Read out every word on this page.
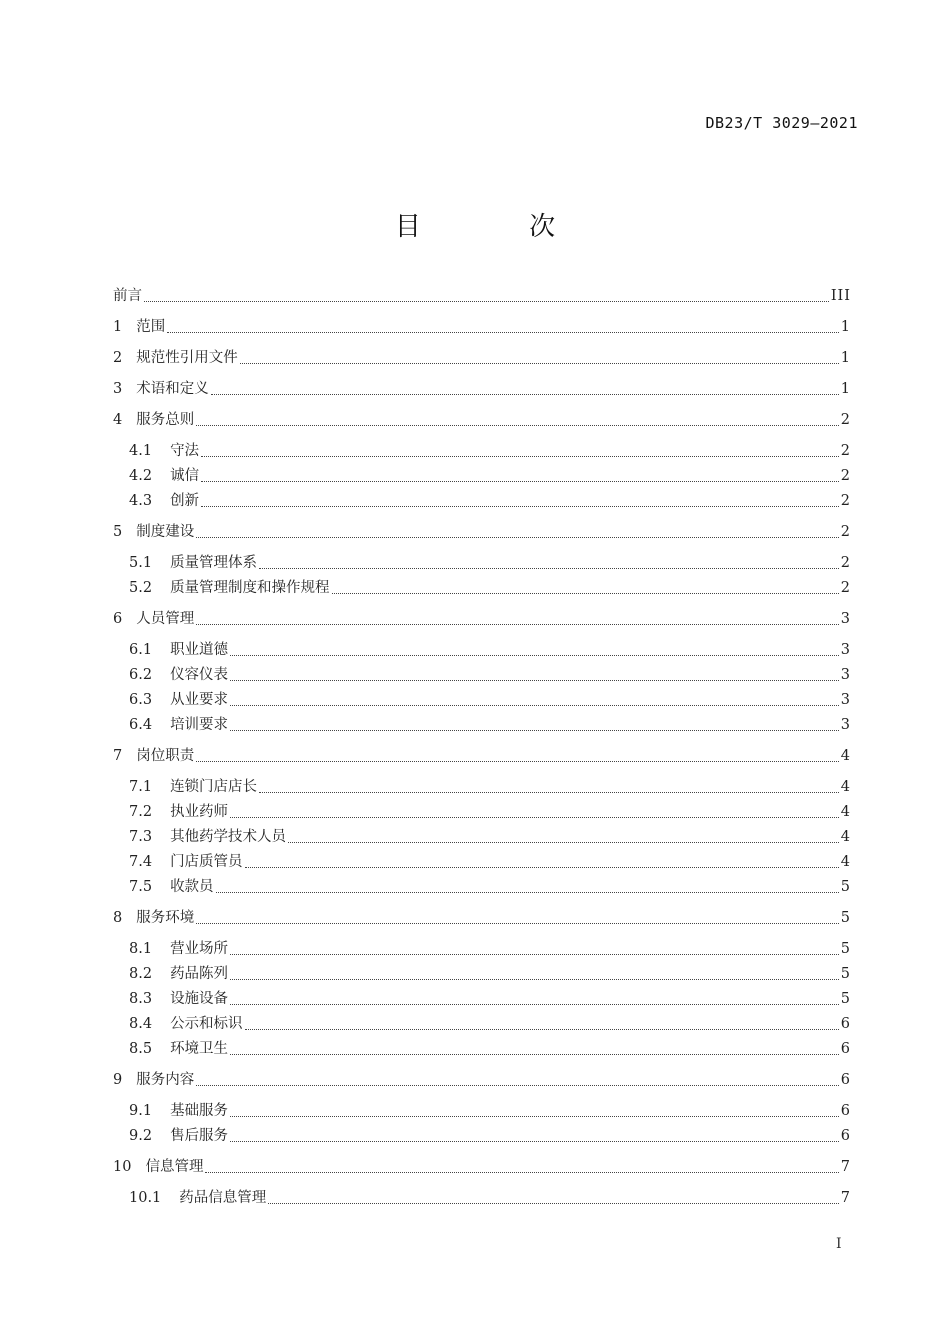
DB23/T 3029—2021
目 次
前言	III
1 范围	1
2 规范性引用文件	1
3 术语和定义	1
4 服务总则	2
4.1 守法	2
4.2 诚信	2
4.3 创新	2
5 制度建设	2
5.1 质量管理体系	2
5.2 质量管理制度和操作规程	2
6 人员管理	3
6.1 职业道德	3
6.2 仪容仪表	3
6.3 从业要求	3
6.4 培训要求	3
7 岗位职责	4
7.1 连锁门店店长	4
7.2 执业药师	4
7.3 其他药学技术人员	4
7.4 门店质管员	4
7.5 收款员	5
8 服务环境	5
8.1 营业场所	5
8.2 药品陈列	5
8.3 设施设备	5
8.4 公示和标识	6
8.5 环境卫生	6
9 服务内容	6
9.1 基础服务	6
9.2 售后服务	6
10 信息管理	7
10.1 药品信息管理	7
I
